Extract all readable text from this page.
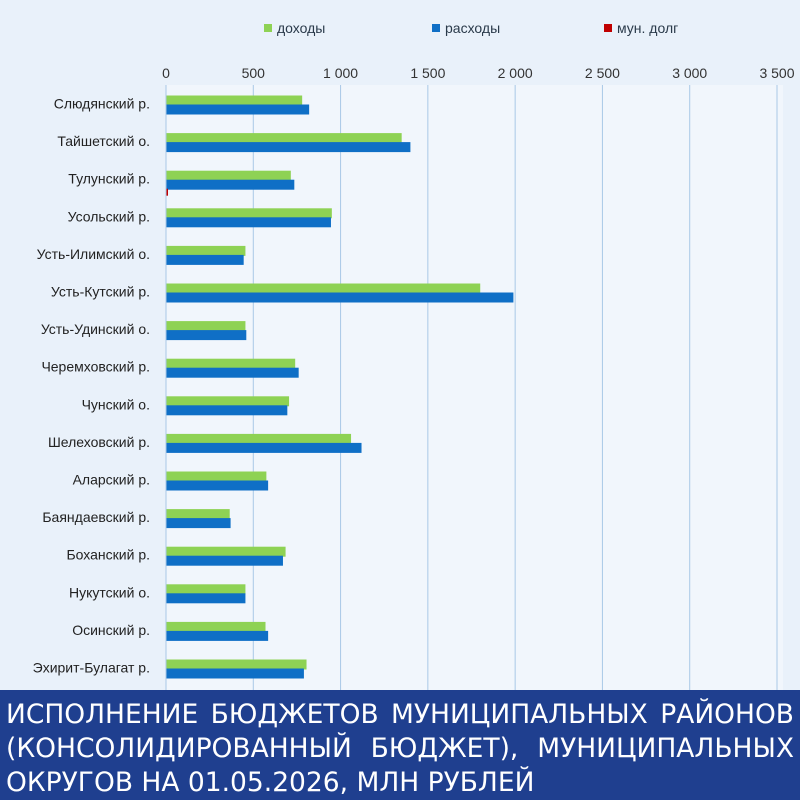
0	500	1 000	1 500	2 000	2 500	3 000	3 500
доходы	расходы	мун. долг
Слюдянский р.
Тайшетский о.
Тулунский р.
Усольский р.
Усть-Илимский о.
Усть-Кутский р.
Усть-Удинский о.
Черемховский р.
Чунский о.
Шелеховский р.
Аларский р.
Баяндаевский р.
Боханский р.
Нукутский о.
Осинский р.
Эхирит-Булагат р.
ИСПОЛНЕНИЕ БЮДЖЕТОВ МУНИЦИПАЛЬНЫХ РАЙОНОВ
(КОНСОЛИДИРОВАННЫЙ БЮДЖЕТ), МУНИЦИПАЛЬНЫХ
ОКРУГОВ НА 01.05.2026, МЛН РУБЛЕЙ
